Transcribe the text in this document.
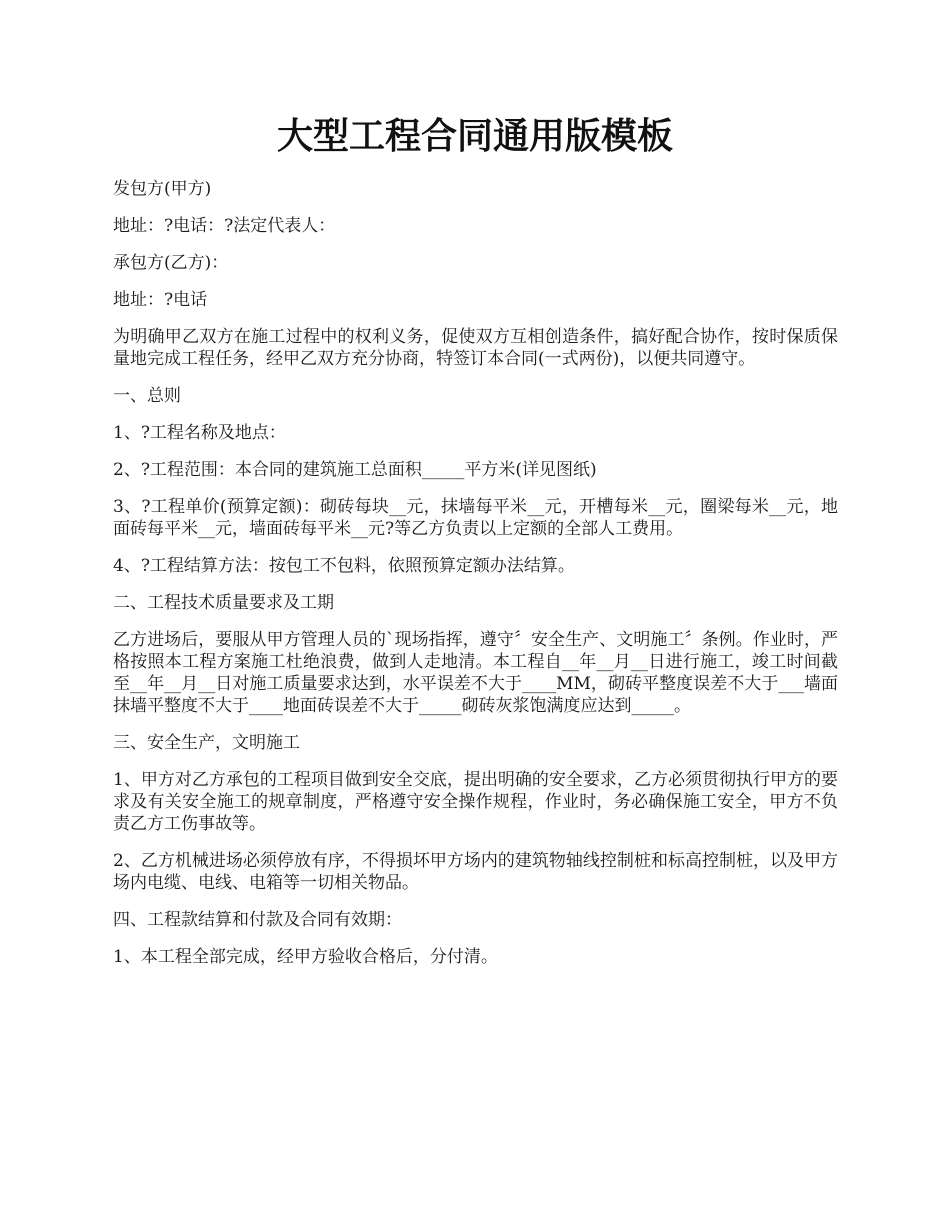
大型工程合同通用版模板

发包方(甲方)

地址：?电话：?法定代表人：

承包方(乙方)：

地址：?电话

为明确甲乙双方在施工过程中的权利义务，促使双方互相创造条件，搞好配合协作，按时保质保量地完成工程任务，经甲乙双方充分协商，特签订本合同(一式两份)，以便共同遵守。

一、总则

1、?工程名称及地点：

2、?工程范围：本合同的建筑施工总面积_____平方米(详见图纸)

3、?工程单价(预算定额)：砌砖每块__元，抹墙每平米__元，开槽每米__元，圈梁每米__元，地面砖每平米__元，墙面砖每平米__元?等乙方负责以上定额的全部人工费用。

4、?工程结算方法：按包工不包料，依照预算定额办法结算。

二、工程技术质量要求及工期

乙方进场后，要服从甲方管理人员的`现场指挥，遵守〞安全生产、文明施工〞条例。作业时，严格按照本工程方案施工杜绝浪费，做到人走地清。本工程自__年__月__日进行施工，竣工时间截至__年__月__日对施工质量要求达到，水平误差不大于____MM，砌砖平整度误差不大于___墙面抹墙平整度不大于____地面砖误差不大于_____砌砖灰浆饱满度应达到_____。

三、安全生产，文明施工

1、甲方对乙方承包的工程项目做到安全交底，提出明确的安全要求，乙方必须贯彻执行甲方的要求及有关安全施工的规章制度，严格遵守安全操作规程，作业时，务必确保施工安全，甲方不负责乙方工伤事故等。

2、乙方机械进场必须停放有序，不得损坏甲方场内的建筑物轴线控制桩和标高控制桩，以及甲方场内电缆、电线、电箱等一切相关物品。

四、工程款结算和付款及合同有效期：

1、本工程全部完成，经甲方验收合格后，分付清。
